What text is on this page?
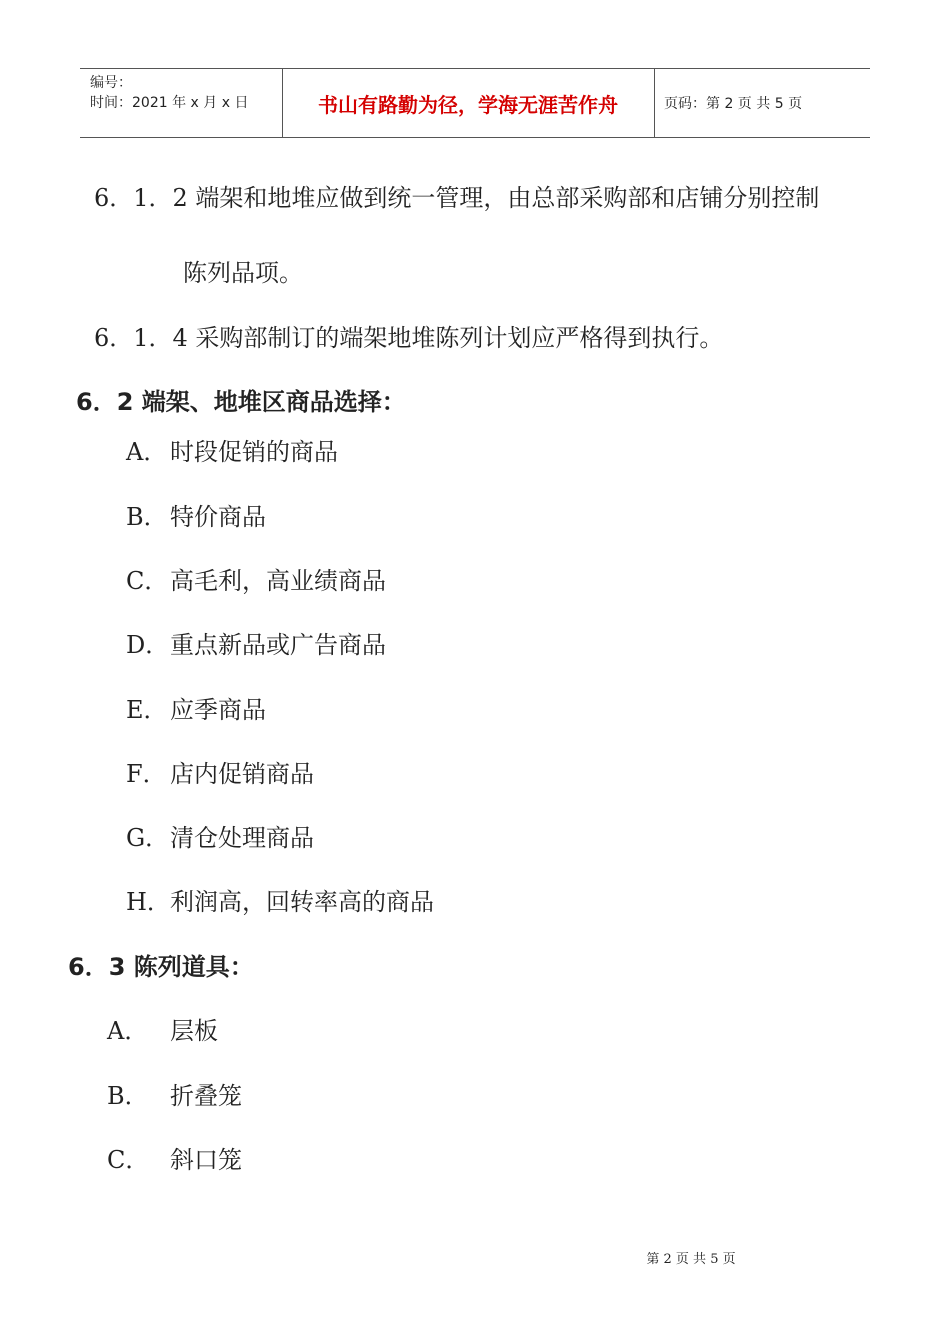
编号：
时间：2021 年 x 月 x 日	书山有路勤为径，学海无涯苦作舟	页码：第 2 页 共 5 页
6．1．2 端架和地堆应做到统一管理，由总部采购部和店铺分别控制
陈列品项。
6．1．4 采购部制订的端架地堆陈列计划应严格得到执行。
6．2 端架、地堆区商品选择：
A． 时段促销的商品
B． 特价商品
C． 高毛利，高业绩商品
D． 重点新品或广告商品
E． 应季商品
F． 店内促销商品
G． 清仓处理商品
H． 利润高，回转率高的商品
6．3 陈列道具：
A． 层板
B． 折叠笼
C． 斜口笼
第 2 页 共 5 页
